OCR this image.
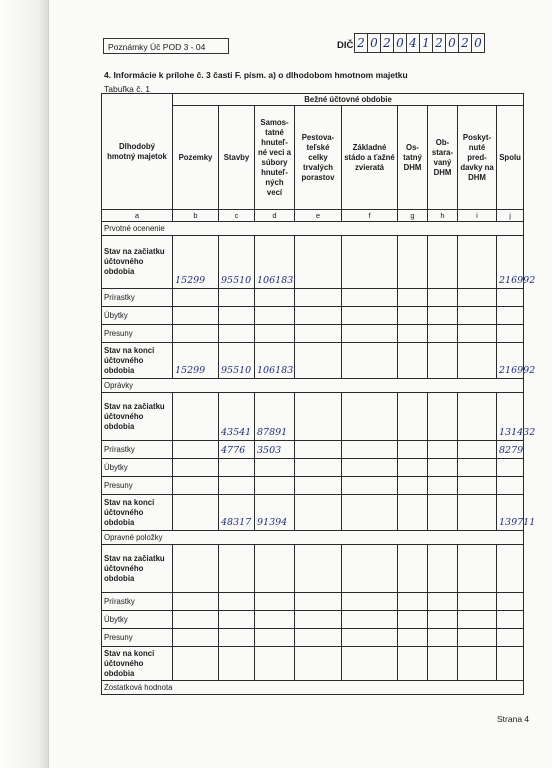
Poznámky Úč POD 3 - 04	DIČ 2 0 2 0 4 1 2 0 2 0
4. Informácie k prílohe č. 3 časti F. písm. a) o dlhodobom hmotnom majetku
Tabuľka č. 1
Dlhodobý hmotný majetok	Bežné účtovné obdobie								
	Pozemky	Stavby	Samos-tatné hnuteľ-né veci a súbory hnuteľ-ných vecí	Pestova-teľské celky trvalých porastov	Základné stádo a ťažné zvieratá	Os-tatný DHM	Ob-stara-vaný DHM	Poskyt-nuté pred-davky na DHM	Spolu
a	b	c	d	e	f	g	h	i	j
Prvotné ocenenie									
Stav na začiatku účtovného obdobia	15299	95510	106183						216992
Prírastky									
Úbytky									
Presuny									
Stav na konci účtovného obdobia	15299	95510	106183						216992
Oprávky									
Stav na začiatku účtovného obdobia		43541	87891						131432
Prírastky		4776	3503						8279
Úbytky									
Presuny									
Stav na konci účtovného obdobia		48317	91394						139711
Opravné položky									
Stav na začiatku účtovného obdobia									
Prírastky									
Úbytky									
Presuny									
Stav na konci účtovného obdobia									
Zostatková hodnota									
Strana 4
